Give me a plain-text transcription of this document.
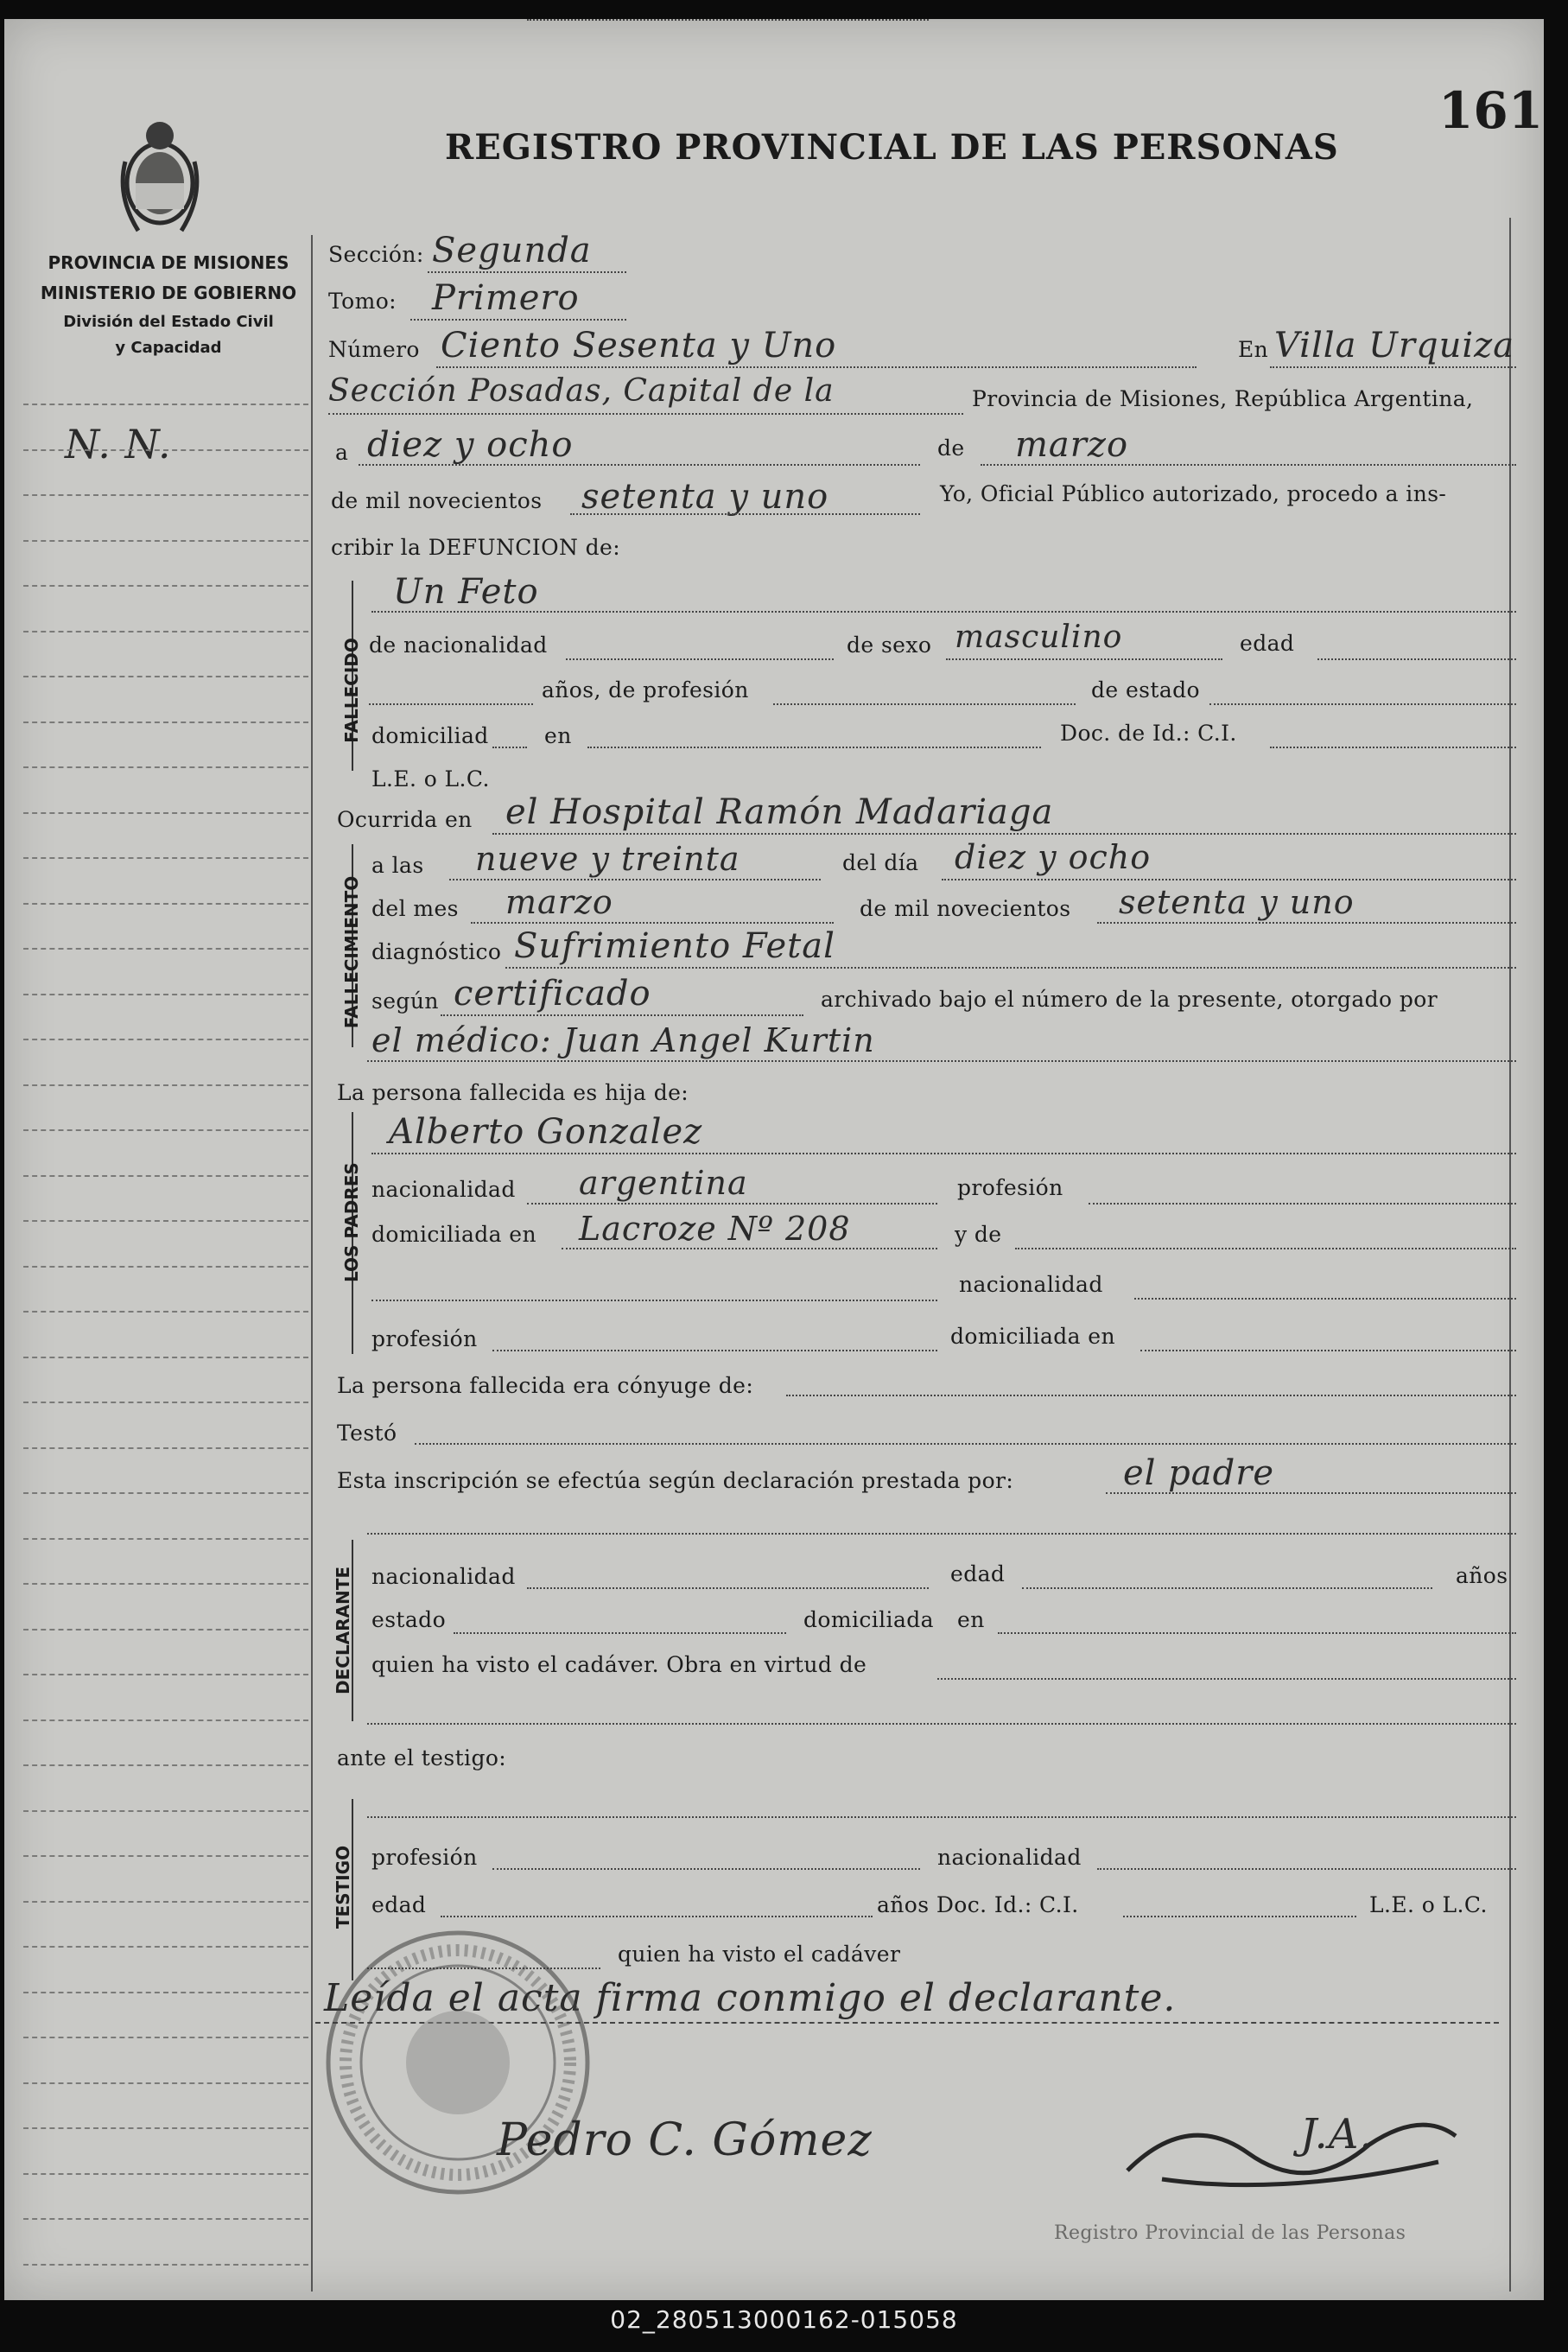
PROVINCIA DE MISIONES
MINISTERIO DE GOBIERNO
División del Estado Civil
y Capacidad
REGISTRO PROVINCIAL DE LAS PERSONAS
161
N. N.
Sección: Segunda
Tomo: Primero
Número Ciento Sesenta y Uno	En Villa Urquiza
Sección Posadas, Capital de la	Provincia de Misiones, República Argentina,
a diez y ocho	de marzo
de mil novecientos setenta y uno	Yo, Oficial Público autorizado, procedo a ins-
cribir la DEFUNCION de:
FALLECIDO
Un Feto
de nacionalidad	de sexo masculino	edad
años, de profesión	de estado
domiciliad	en	Doc. de Id.: C.I.
L.E. o L.C.
Ocurrida en el Hospital Ramón Madariaga
FALLECIMIENTO
a las nueve y treinta	del día diez y ocho
del mes marzo	de mil novecientos setenta y uno
diagnóstico Sufrimiento Fetal
según certificado	archivado bajo el número de la presente, otorgado por
el médico: Juan Angel Kurtin
La persona fallecida es hija de:
LOS PADRES
Alberto Gonzalez
nacionalidad argentina	profesión
domiciliada en Lacroze Nº 208	y de
nacionalidad
profesión	domiciliada en
La persona fallecida era cónyuge de:
Testó
Esta inscripción se efectúa según declaración prestada por:	el padre
DECLARANTE nacionalidad	edad	años
estado	domiciliada en
quien ha visto el cadáver. Obra en virtud de
ante el testigo:
TESTIGO profesión	nacionalidad
edad	años Doc. Id.: C.I.	L.E. o L.C.
quien ha visto el cadáver
Leída el acta firma conmigo el declarante.
Pedro C. Gómez	J.A.
Registro Provincial de las Personas
02_280513000162-015058
